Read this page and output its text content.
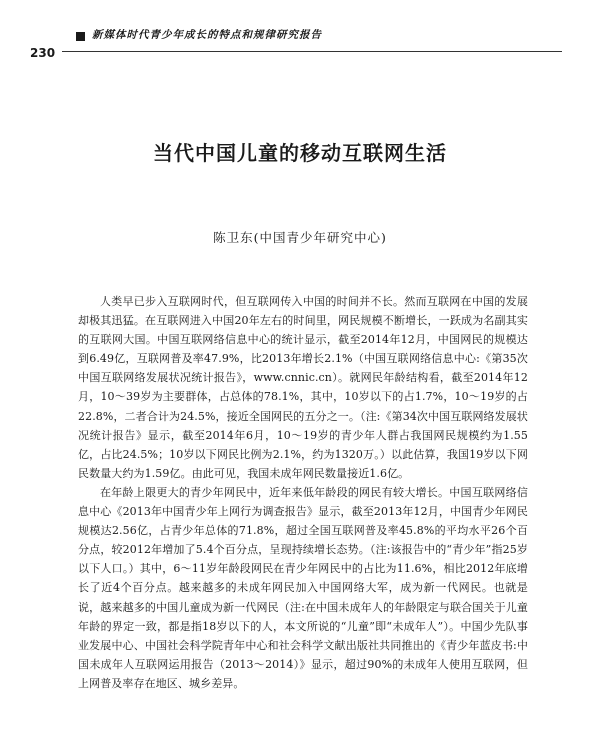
新媒体时代青少年成长的特点和规律研究报告
230
当代中国儿童的移动互联网生活
陈卫东(中国青少年研究中心)

人类早已步入互联网时代，但互联网传入中国的时间并不长。然而互联网在中国的发展却极其迅猛。在互联网进入中国20年左右的时间里，网民规模不断增长，一跃成为名副其实的互联网大国。中国互联网络信息中心的统计显示，截至2014年12月，中国网民的规模达到6.49亿，互联网普及率47.9%，比2013年增长2.1%（中国互联网络信息中心:《第35次中国互联网络发展状况统计报告》，www.cnnic.cn）。就网民年龄结构看，截至2014年12月，10～39岁为主要群体，占总体的78.1%，其中，10岁以下的占1.7%，10～19岁的占22.8%，二者合计为24.5%，接近全国网民的五分之一。（注:《第34次中国互联网络发展状况统计报告》显示，截至2014年6月，10～19岁的青少年人群占我国网民规模约为1.55亿，占比24.5%；10岁以下网民比例为2.1%，约为1320万。）以此估算，我国19岁以下网民数量大约为1.59亿。由此可见，我国未成年网民数量接近1.6亿。

在年龄上限更大的青少年网民中，近年来低年龄段的网民有较大增长。中国互联网络信息中心《2013年中国青少年上网行为调查报告》显示，截至2013年12月，中国青少年网民规模达2.56亿，占青少年总体的71.8%，超过全国互联网普及率45.8%的平均水平26个百分点，较2012年增加了5.4个百分点，呈现持续增长态势。（注:该报告中的“青少年”指25岁以下人口。）其中，6～11岁年龄段网民在青少年网民中的占比为11.6%，相比2012年底增长了近4个百分点。越来越多的未成年网民加入中国网络大军，成为新一代网民。也就是说，越来越多的中国儿童成为新一代网民（注:在中国未成年人的年龄限定与联合国关于儿童年龄的界定一致，都是指18岁以下的人，本文所说的“儿童”即“未成年人”）。中国少先队事业发展中心、中国社会科学院青年中心和社会科学文献出版社共同推出的《青少年蓝皮书:中国未成年人互联网运用报告（2013～2014）》显示，超过90%的未成年人使用互联网，但上网普及率存在地区、城乡差异。
